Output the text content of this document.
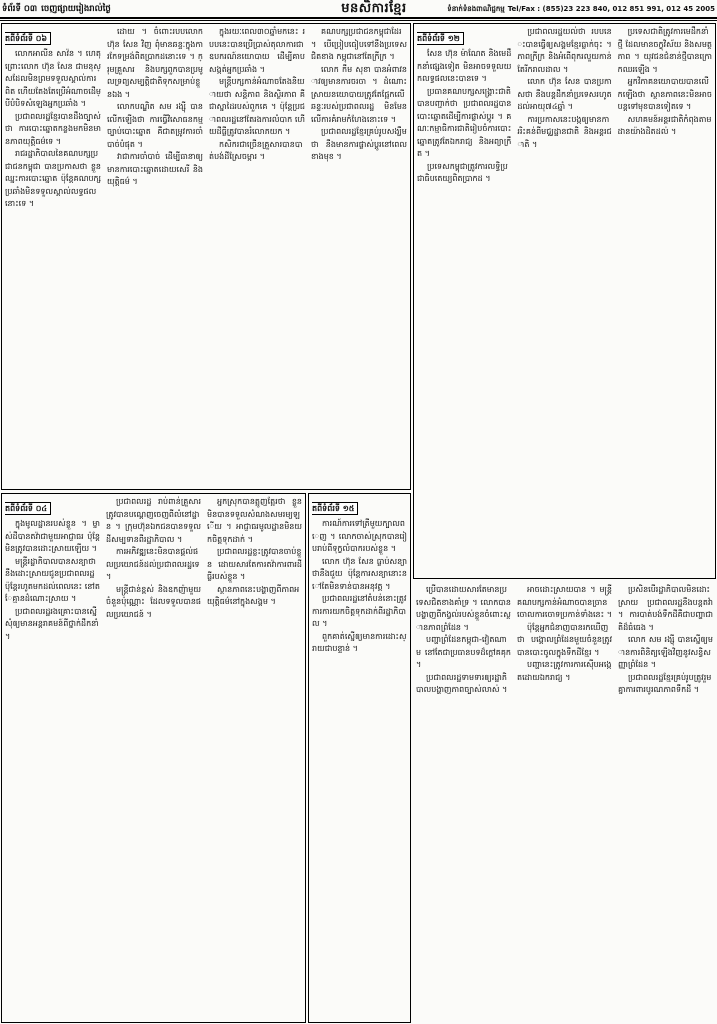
ទំព័រទី ០៣ ចេញផ្សាយរៀងរាល់ថ្ងៃ	មនសិការខ្មែរ	ទំនាក់ទំនងពាណិជ្ជកម្ម Tel/Fax : (855)23 223 840, 012 851 991, 012 45 2005
តពីទំព័រទី ០៦

លោកអាលីន សាវ៉ន ។ ហេតុព្រោះលោក ហ៊ុន សែន ជាមនុស្សដែលមិនព្រមទទួលស្គាល់ការពិត ហើយតែងតែប្រើអំណាចដើម្បីបំបិទសំឡេងអ្នកប្រឆាំង ។

ប្រជាពលរដ្ឋខ្មែរបានដឹងច្បាស់ថា ការបោះឆ្នោតកន្លងមកមិនមានភាពយុត្តិធម៌ទេ ។

រាជរដ្ឋាភិបាលនៃគណបក្សប្រជាជនកម្ពុជា បានប្រកាសថា ខ្លួនឈ្នះការបោះឆ្នោត ប៉ុន្តែគណបក្សប្រឆាំងមិនទទួលស្គាល់លទ្ធផលនោះទេ ។

ដោយ ។ ចំពោះរបបលោក ហ៊ុន សែន វិញ ពុំមានឆន្ទៈក្នុងការកែទម្រង់ពិតប្រាកដនោះទេ ។ ក្រុមគ្រួសារ និងបក្សពួកបានប្រមូលទ្រព្យសម្បត្តិជាតិទុកសម្រាប់ខ្លួនឯង ។

លោកបណ្ឌិត សម រង្ស៊ី បានលើកឡើងថា ការធ្វើវិសោធនកម្មច្បាប់បោះឆ្នោត គឺជាតម្រូវការចាំបាច់បំផុត ។

វាជាការចាំបាច់ ដើម្បីធានាឲ្យមានការបោះឆ្នោតដោយសេរី និងយុត្តិធម៌ ។

ក្នុងរយៈពេល៣០ឆ្នាំមកនេះ របបនេះបានប្រើប្រាស់តុលាការជាឧបករណ៍នយោបាយ ដើម្បីគាបសង្កត់អ្នកប្រឆាំង ។

មន្ត្រីបក្សកាន់អំណាចតែងនិយាយថា សន្តិភាព និងស្ថិរភាព គឺជាស្នាដៃរបស់ពួកគេ ។ ប៉ុន្តែប្រជាពលរដ្ឋនៅតែរងការលំបាក ហើយដីធ្លីត្រូវបានរំលោភយក ។

កសិករជាច្រើនគ្រួសារបានបាត់បង់ដីស្រែចម្ការ ។

គណបក្សប្រជាជនកម្ពុជាដែរ ។ បើប្រៀបធៀបទៅនឹងប្រទេសជិតខាង កម្ពុជានៅតែក្រីក្រ ។

លោក កឹម សុខា បានអំពាវនាវឲ្យមានការចរចា ។ ដំណោះស្រាយនយោបាយត្រូវតែផ្អែកលើឆន្ទៈរបស់ប្រជាពលរដ្ឋ មិនមែនលើការគំរាមកំហែងនោះទេ ។

ប្រជាពលរដ្ឋខ្មែរគ្រប់រូបសង្ឃឹមថា នឹងមានការផ្លាស់ប្តូរនៅពេលខាងមុខ ។

តពីទំព័រទី ១២

សែន ហ៊ុន ម៉ាណែត និងមេដឹកនាំផ្សេងទៀត មិនអាចទទួលយកលទ្ធផលនេះបានទេ ។

ប្រធានគណបក្សសង្គ្រោះជាតិបានបញ្ជាក់ថា ប្រជាពលរដ្ឋបានបោះឆ្នោតដើម្បីការផ្លាស់ប្តូរ ។ គណៈកម្មាធិការជាតិរៀបចំការបោះឆ្នោតត្រូវតែឯករាជ្យ និងអព្យាក្រឹត ។

ប្រទេសកម្ពុជាត្រូវការលទ្ធិប្រជាធិបតេយ្យពិតប្រាកដ ។

ប្រជាពលរដ្ឋយល់ថា របបនេះបានធ្វើឲ្យសង្គមខ្មែរធ្លាក់ចុះ ។ ភាពក្រីក្រ និងអំពើពុករលួយកាន់តែរីករាលដាល ។

លោក ហ៊ុន សែន បានប្រកាសថា នឹងបន្តដឹកនាំប្រទេសរហូតដល់អាយុ៧៤ឆ្នាំ ។

ការប្រកាសនេះបង្កឲ្យមានការរិះគន់ពីមជ្ឈដ្ឋានជាតិ និងអន្តរជាតិ ។

ប្រទេសជាតិត្រូវការមេដឹកនាំថ្មី ដែលមានចក្ខុវិស័យ និងសមត្ថភាព ។ យុវជនជំនាន់ថ្មីបានក្រោកឈរឡើង ។

អ្នកវិភាគនយោបាយបានលើកឡើងថា ស្ថានភាពនេះមិនអាចបន្តទៅមុខបានទៀតទេ ។

សហគមន៍អន្តរជាតិកំពុងតាមដានយ៉ាងដិតដល់ ។

តពីទំព័រទី ០៤

ក្នុងមូលដ្ឋានរបស់ខ្លួន ។ ម្ចាស់ដីបានតវ៉ាជាមួយអាជ្ញាធរ ប៉ុន្តែមិនត្រូវបានដោះស្រាយឡើយ ។

មន្ត្រីរដ្ឋាភិបាលបានសន្យាថា នឹងដោះស្រាយជូនប្រជាពលរដ្ឋ ប៉ុន្តែរហូតមកដល់ពេលនេះ នៅតែគ្មានដំណោះស្រាយ ។

ប្រជាពលរដ្ឋរងគ្រោះបានស្នើសុំឲ្យមានអន្តរាគមន៍ពីថ្នាក់ដឹកនាំ ។

ប្រជាពលរដ្ឋ រាប់ពាន់គ្រួសារ ត្រូវបានបណ្តេញចេញពីលំនៅដ្ឋាន ។ ក្រុមហ៊ុនឯកជនបានទទួលដីសម្បទានពីរដ្ឋាភិបាល ។

ការអភិវឌ្ឍនេះមិនបានផ្តល់ផលប្រយោជន៍ដល់ប្រជាពលរដ្ឋទេ ។

មន្ត្រីជាន់ខ្ពស់ និងឧកញ៉ាមួយចំនួនប៉ុណ្ណោះ ដែលទទួលបានផលប្រយោជន៍ ។

អ្នកស្រុកបានត្អូញត្អែរថា ខ្លួនមិនបានទទួលសំណងសមរម្យឡើយ ។ អាជ្ញាធរមូលដ្ឋានមិនយកចិត្តទុកដាក់ ។

ប្រជាពលរដ្ឋខ្លះត្រូវបានចាប់ខ្លួន ដោយសារតែការតវ៉ាការពារដីធ្លីរបស់ខ្លួន ។

ស្ថានភាពនេះបង្ហាញពីភាពអយុត្តិធម៌នៅក្នុងសង្គម ។

តពីទំព័រទី ១៥

ការណ៍ការទៅត្រីមួយក្បាលពេញ ។ លោកចាស់ស្រុកបានរៀបរាប់ពីទុក្ខលំបាករបស់ខ្លួន ។

លោក ហ៊ុន សែន ធ្លាប់សន្យាថានឹងជួយ ប៉ុន្តែការសន្យានោះនៅតែមិនទាន់បានអនុវត្ត ។

ប្រជាពលរដ្ឋនៅតំបន់នោះត្រូវការការយកចិត្តទុកដាក់ពីរដ្ឋាភិបាល ។

ពួកគាត់ស្នើឲ្យមានការដោះស្រាយជាបន្ទាន់ ។

ប្រើបានដោយសារតែមានប្រទេសជិតខាងគាំទ្រ ។ លោកបានបង្ហាញពីកង្វល់របស់ខ្លួនចំពោះស្ថានភាពព្រំដែន ។

បញ្ហាព្រំដែនកម្ពុជា-វៀតណាម នៅតែជាប្រធានបទដ៏ក្តៅគគុក ។

ប្រជាពលរដ្ឋទាមទារឲ្យរដ្ឋាភិបាលបង្ហាញភាពច្បាស់លាស់ ។

អាចដោះស្រាយបាន ។ មន្ត្រីគណបក្សកាន់អំណាចបានច្រានចោលការចោទប្រកាន់ទាំងនេះ ។

ប៉ុន្តែអ្នកជំនាញបានរកឃើញថា បង្គោលព្រំដែនមួយចំនួនត្រូវបានបោះចូលក្នុងទឹកដីខ្មែរ ។

បញ្ហានេះត្រូវការការស៊ើបអង្កេតដោយឯករាជ្យ ។

ប្រសិនបើរដ្ឋាភិបាលមិនដោះស្រាយ ប្រជាពលរដ្ឋនឹងបន្តតវ៉ា ។ ការបាត់បង់ទឹកដីគឺជាបញ្ហាជាតិដ៏ធំធេង ។

លោក សម រង្ស៊ី បានស្នើឲ្យមានការពិនិត្យឡើងវិញនូវសន្ធិសញ្ញាព្រំដែន ។

ប្រជាពលរដ្ឋខ្មែរគ្រប់រូបត្រូវរួមគ្នាការពារបូរណភាពទឹកដី ។
